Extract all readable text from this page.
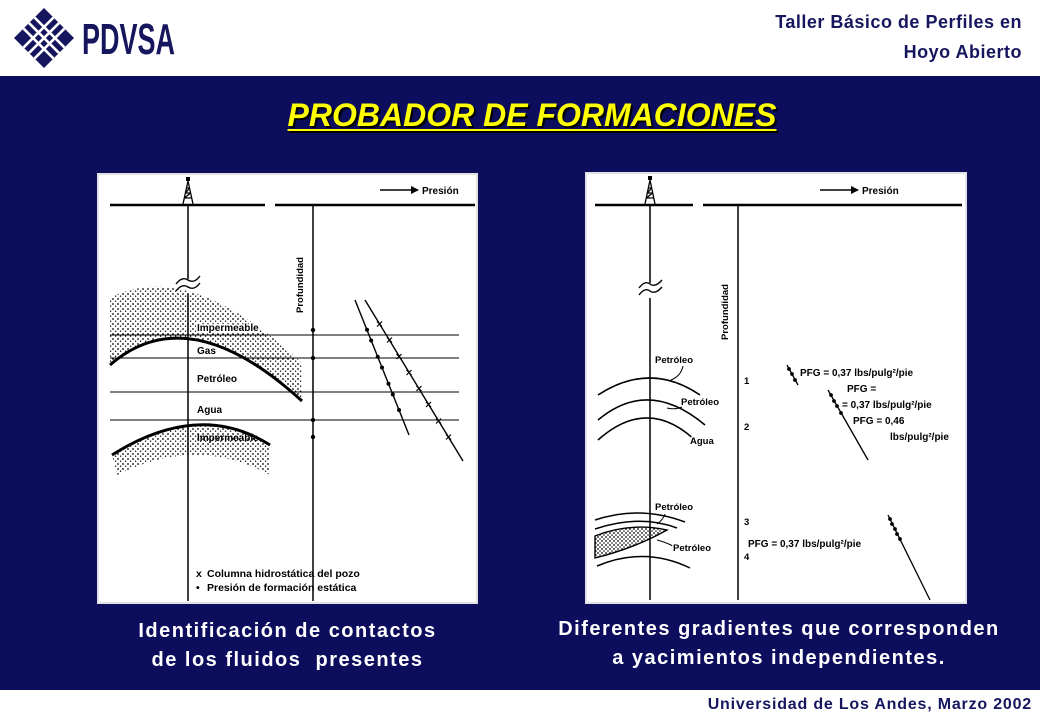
PDVSA	Taller Básico de Perfiles en
Hoyo Abierto
PROBADOR DE FORMACIONES
Presión
Profundidad
Impermeable
Gas
Petróleo
Agua
x Columna hidrostática del pozo
• Presión de formación estática
Presión
Profundidad
Petróleo
Petróleo
Agua
Petróleo
Petróleo
1
2
3
4
PFG = 0,37 lbs/pulg²/pie
PFG =
= 0,37 lbs/pulg²/pie
PFG = 0,46
lbs/pulg²/pie
PFG = 0,37 lbs/pulg²/pie
Identificación de contactos
de los fluidos  presentes
Diferentes gradientes que corresponden
a yacimientos independientes.
Universidad de Los Andes, Marzo 2002
